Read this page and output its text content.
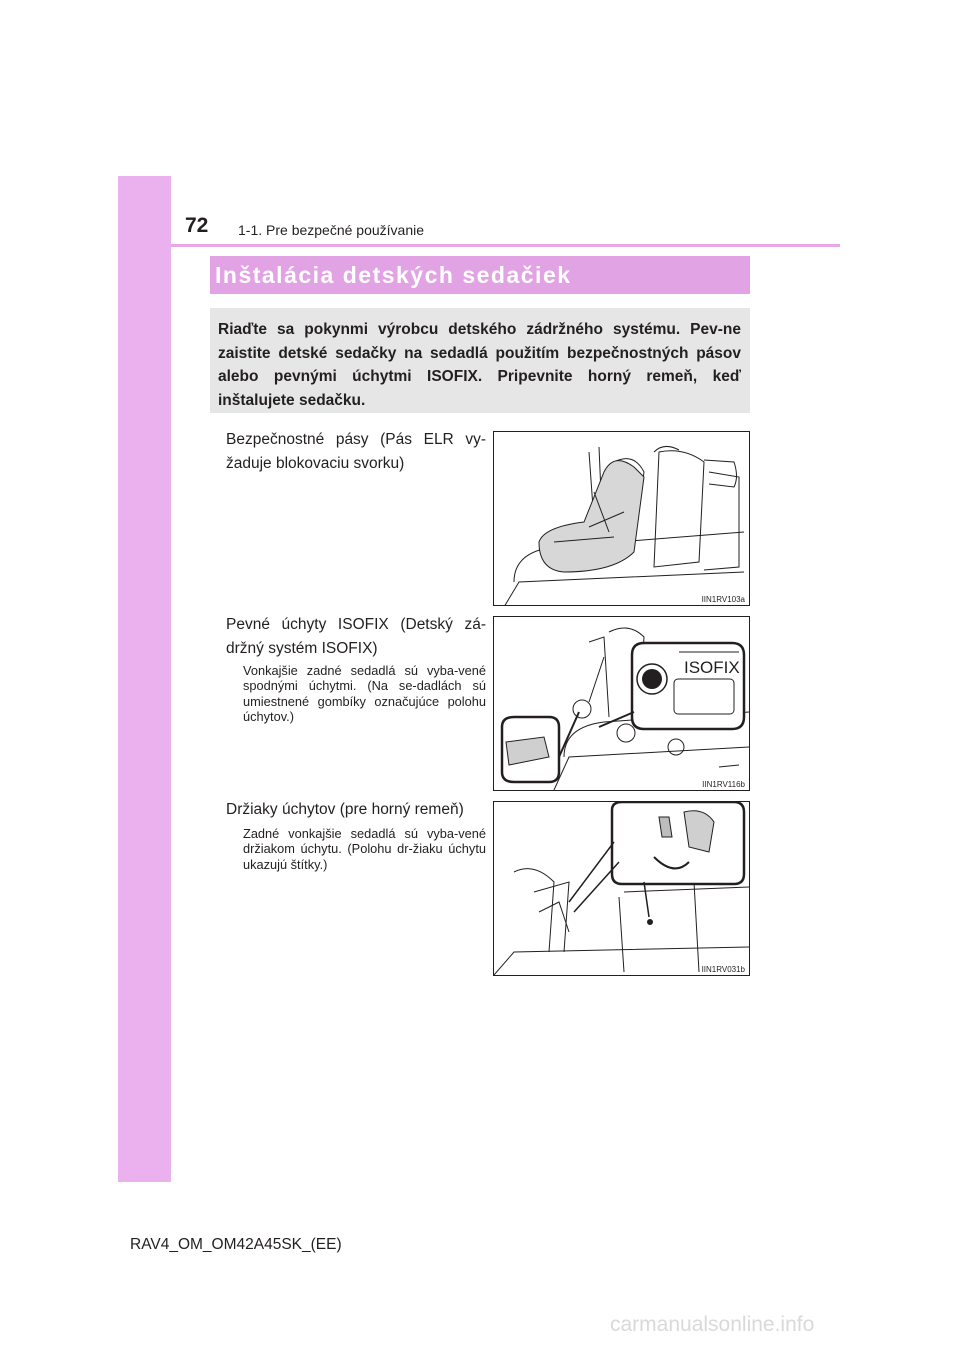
72 1-1. Pre bezpečné používanie
Inštalácia detských sedačiek
Riaďte sa pokynmi výrobcu detského zádržného systému. Pev-ne zaistite detské sedačky na sedadlá použitím bezpečnostných pásov alebo pevnými úchytmi ISOFIX. Pripevnite horný remeň, keď inštalujete sedačku.
Bezpečnostné pásy (Pás ELR vy-žaduje blokovaciu svorku)
IIN1RV103a
Pevné úchyty ISOFIX (Detský zá-držný systém ISOFIX)
Vonkajšie zadné sedadlá sú vyba-vené spodnými úchytmi. (Na se-dadlách sú umiestnené gombíky označujúce polohu úchytov.)
ISOFIX
IIN1RV116b
Držiaky úchytov (pre horný remeň)
Zadné vonkajšie sedadlá sú vyba-vené držiakom úchytu. (Polohu dr-žiaku úchytu ukazujú štítky.)
IIN1RV031b
RAV4_OM_OM42A45SK_(EE)
carmanualsonline.info
